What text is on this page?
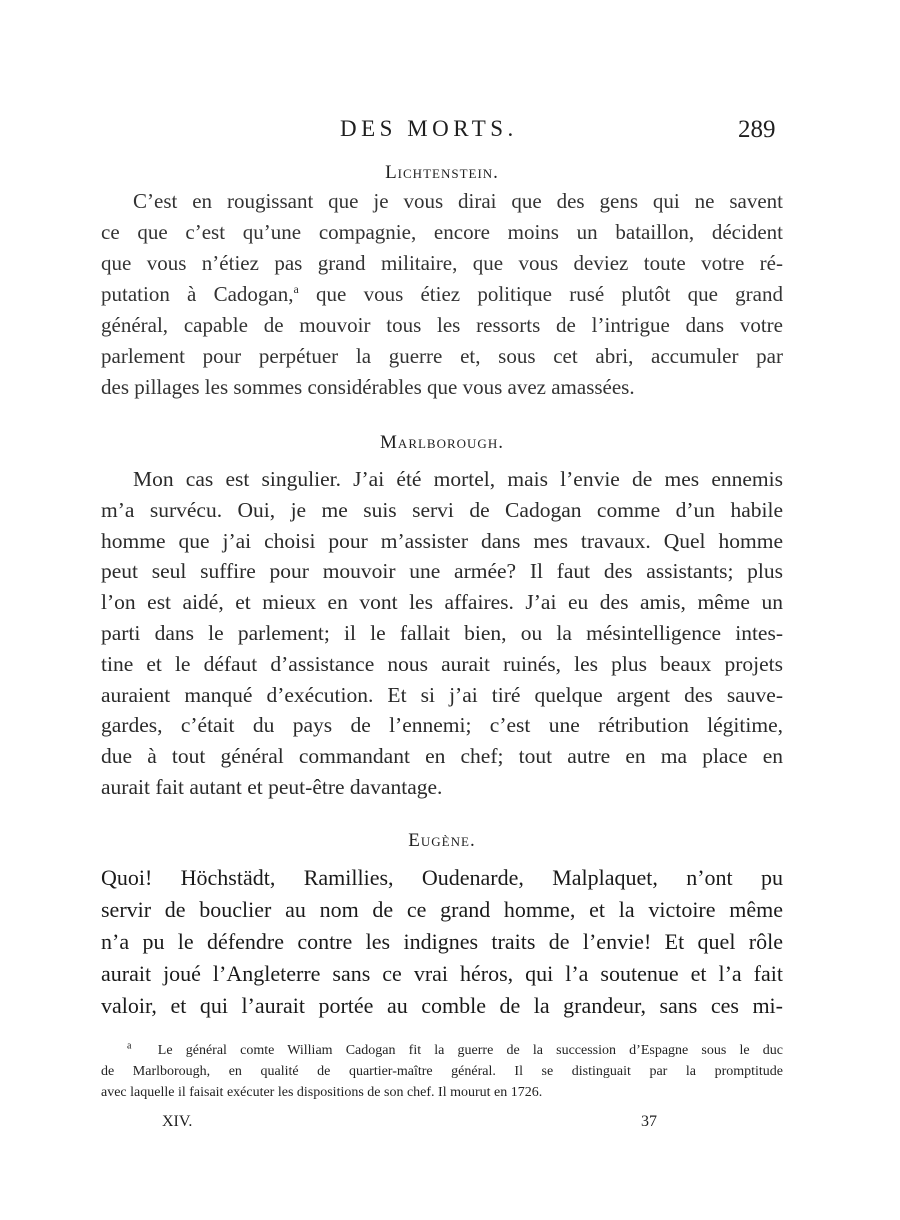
DES MORTS.	289

Lichtenstein.

C’est en rougissant que je vous dirai que des gens qui ne savent
ce que c’est qu’une compagnie, encore moins un bataillon, décident
que vous n’étiez pas grand militaire, que vous deviez toute votre ré-
putation à Cadogan,$^a$ que vous étiez politique rusé plutôt que grand
général, capable de mouvoir tous les ressorts de l’intrigue dans votre
parlement pour perpétuer la guerre et, sous cet abri, accumuler par
des pillages les sommes considérables que vous avez amassées.

Marlborough.

Mon cas est singulier. J’ai été mortel, mais l’envie de mes ennemis
m’a survécu. Oui, je me suis servi de Cadogan comme d’un habile
homme que j’ai choisi pour m’assister dans mes travaux. Quel homme
peut seul suffire pour mouvoir une armée? Il faut des assistants; plus
l’on est aidé, et mieux en vont les affaires. J’ai eu des amis, même un
parti dans le parlement; il le fallait bien, ou la mésintelligence intes-
tine et le défaut d’assistance nous aurait ruinés, les plus beaux projets
auraient manqué d’exécution. Et si j’ai tiré quelque argent des sauve-
gardes, c’était du pays de l’ennemi; c’est une rétribution légitime,
due à tout général commandant en chef; tout autre en ma place en
aurait fait autant et peut-être davantage.

Eugène.

Quoi! Höchstädt, Ramillies, Oudenarde, Malplaquet, n’ont pu
servir de bouclier au nom de ce grand homme, et la victoire même
n’a pu le défendre contre les indignes traits de l’envie! Et quel rôle
aurait joué l’Angleterre sans ce vrai héros, qui l’a soutenue et l’a fait
valoir, et qui l’aurait portée au comble de la grandeur, sans ces mi-

$^a$ Le général comte William Cadogan fit la guerre de la succession d’Espagne sous le duc
de Marlborough, en qualité de quartier-maître général. Il se distinguait par la promptitude
avec laquelle il faisait exécuter les dispositions de son chef. Il mourut en 1726.
XIV.	37
